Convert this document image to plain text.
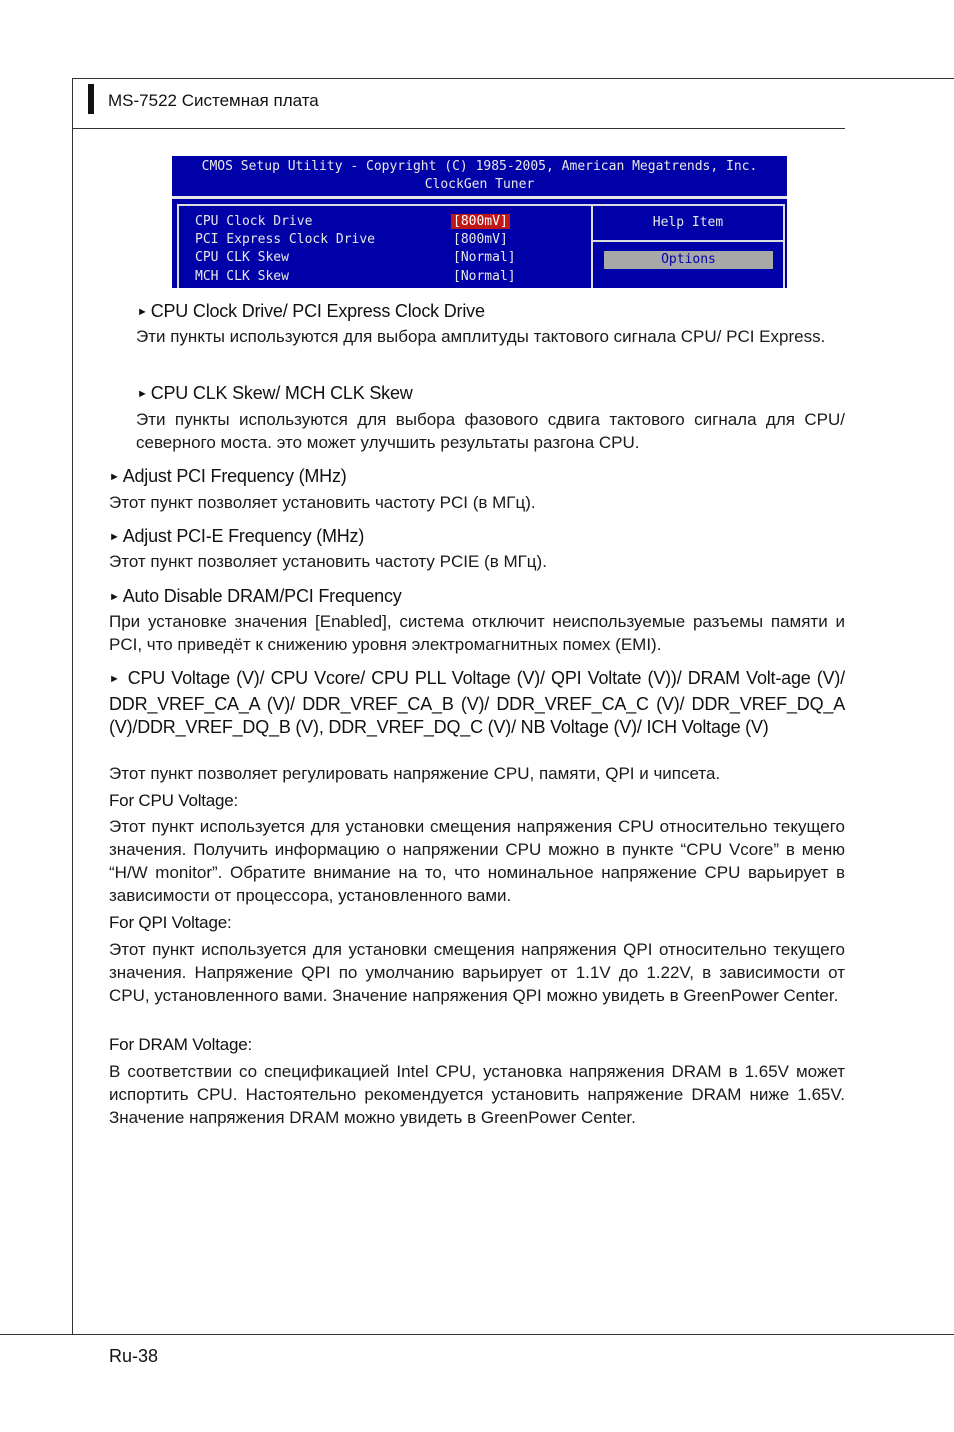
MS-7522 Системная плата
CMOS Setup Utility - Copyright (C) 1985-2005, American Megatrends, Inc.
ClockGen Tuner
CPU Clock Drive	[800mV]
PCI Express Clock Drive	[800mV]
CPU CLK Skew	[Normal]
MCH CLK Skew	[Normal]
Help Item
Options
► CPU Clock Drive/ PCI Express Clock Drive

Эти пункты используются для выбора амплитуды тактового сигнала CPU/ PCI Express.

► CPU CLK Skew/ MCH CLK Skew

Эти пункты используются для выбора фазового сдвига тактового сигнала для CPU/ северного моста. это может улучшить результаты разгона CPU.

► Adjust PCI Frequency (MHz)

Этот пункт позволяет установить частоту PCI (в МГц).

► Adjust PCI-E Frequency (MHz)

Этот пункт позволяет установить частоту PCIE (в МГц).

► Auto Disable DRAM/PCI Frequency

При установке значения [Enabled], система отключит неиспользуемые разъемы памяти и PCI, что приведёт к снижению уровня электромагнитных помех (EMI).

► CPU Voltage (V)/ CPU Vcore/ CPU PLL Voltage (V)/ QPI Voltate (V))/ DRAM Volt-age (V)/ DDR_VREF_CA_A (V)/ DDR_VREF_CA_B (V)/ DDR_VREF_CA_C (V)/ DDR_VREF_DQ_A (V)/DDR_VREF_DQ_B (V), DDR_VREF_DQ_C (V)/ NB Voltage (V)/ ICH Voltage (V)

Этот пункт позволяет регулировать напряжение CPU, памяти, QPI и чипсета.

For CPU Voltage:

Этот пункт используется для установки смещения напряжения CPU относительно текущего значения. Получить информацию о напряжении CPU можно в пункте “CPU Vcore” в меню “H/W monitor”. Обратите внимание на то, что номинальное напряжение CPU варьирует в зависимости от процессора, установленного вами.

For QPI Voltage:

Этот пункт используется для установки смещения напряжения QPI относительно текущего значения. Напряжение QPI по умолчанию варьирует от 1.1V до 1.22V, в зависимости от CPU, установленного вами. Значение напряжения QPI можно увидеть в GreenPower Center.

For DRAM Voltage:

В соответствии со спецификацией Intel CPU, установка напряжения DRAM в 1.65V может испортить CPU. Настоятельно рекомендуется установить напряжение DRAM ниже 1.65V. Значение напряжения DRAM можно увидеть в GreenPower Center.

Ru-38
